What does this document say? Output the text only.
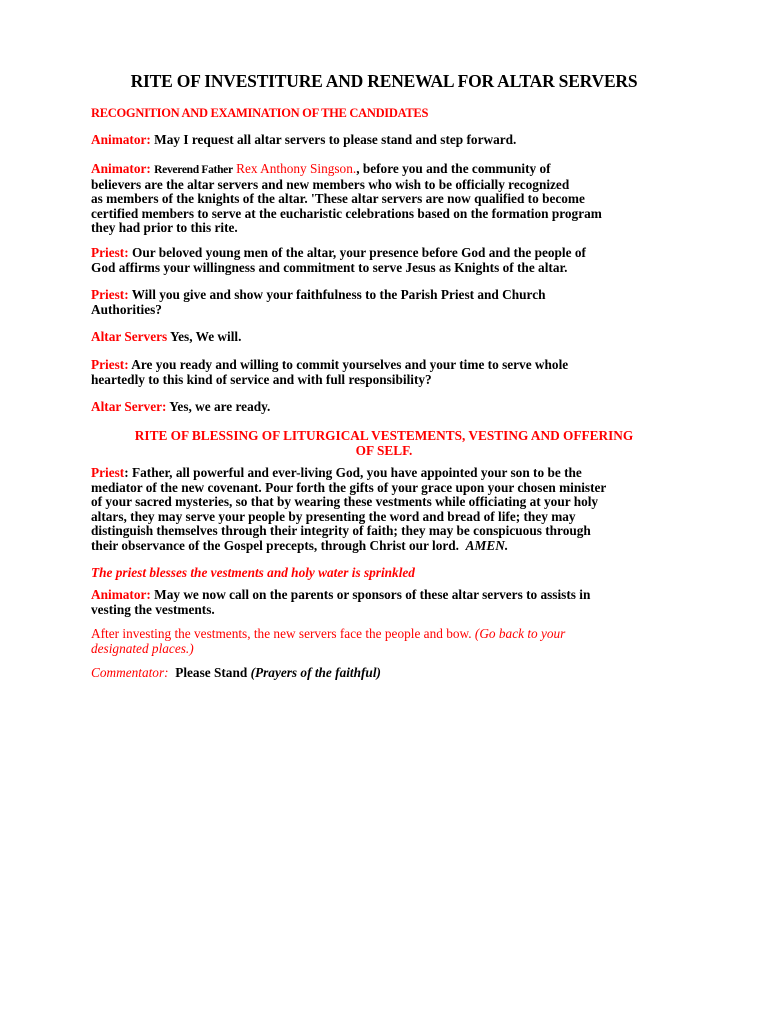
RITE OF INVESTITURE AND RENEWAL FOR ALTAR SERVERS
RECOGNITION AND EXAMINATION OF THE CANDIDATES
Animator: May I request all altar servers to please stand and step forward.
Animator: Reverend Father Rex Anthony Singson., before you and the community of
believers are the altar servers and new members who wish to be officially recognized
as members of the knights of the altar. 'These altar servers are now qualified to become
certified members to serve at the eucharistic celebrations based on the formation program
they had prior to this rite.
Priest: Our beloved young men of the altar, your presence before God and the people of
God affirms your willingness and commitment to serve Jesus as Knights of the altar.
Priest: Will you give and show your faithfulness to the Parish Priest and Church
Authorities?
Altar Servers Yes, We will.
Priest: Are you ready and willing to commit yourselves and your time to serve whole
heartedly to this kind of service and with full responsibility?
Altar Server: Yes, we are ready.
RITE OF BLESSING OF LITURGICAL VESTEMENTS, VESTING AND OFFERING
OF SELF.
Priest: Father, all powerful and ever-living God, you have appointed your son to be the
mediator of the new covenant. Pour forth the gifts of your grace upon your chosen minister
of your sacred mysteries, so that by wearing these vestments while officiating at your holy
altars, they may serve your people by presenting the word and bread of life; they may
distinguish themselves through their integrity of faith; they may be conspicuous through
their observance of the Gospel precepts, through Christ our lord. AMEN.
The priest blesses the vestments and holy water is sprinkled
Animator: May we now call on the parents or sponsors of these altar servers to assists in
vesting the vestments.
After investing the vestments, the new servers face the people and bow. (Go back to your
designated places.)
Commentator: Please Stand (Prayers of the faithful)
